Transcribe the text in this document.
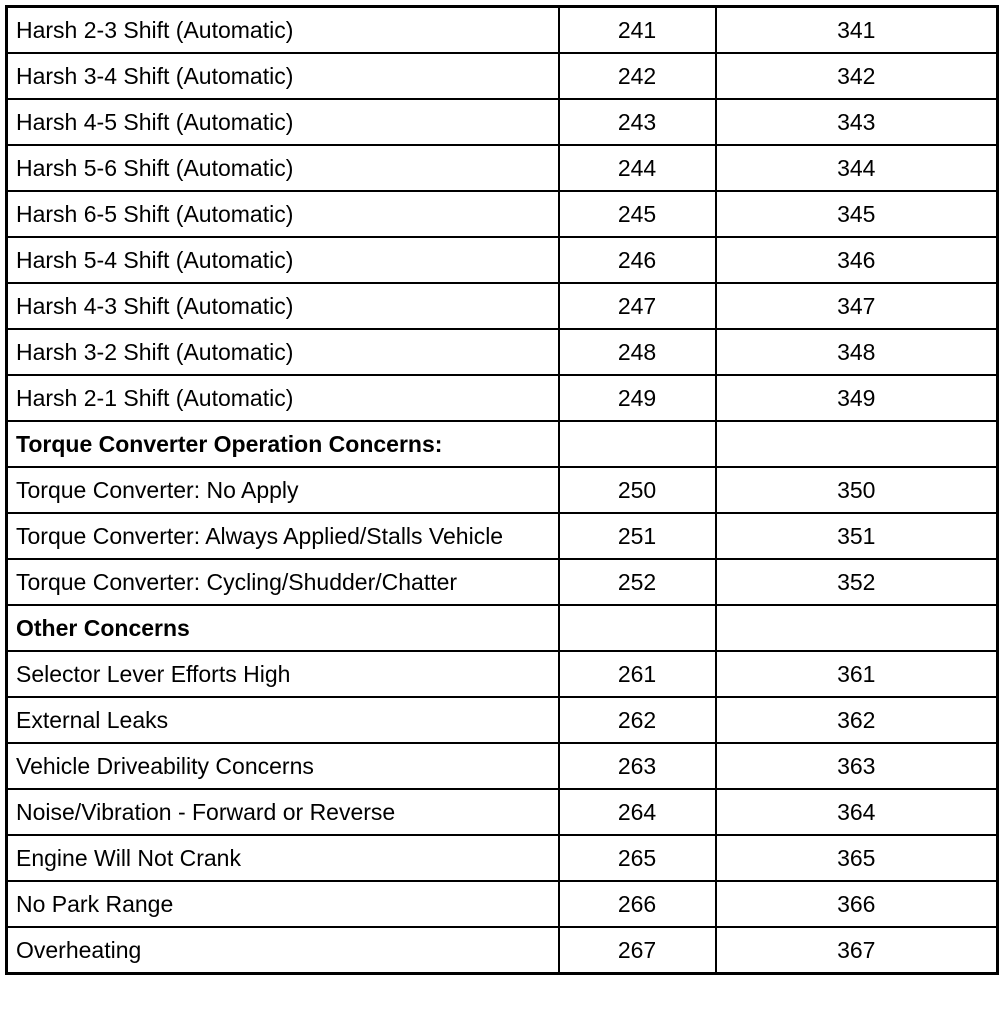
Harsh 2-3 Shift (Automatic)	241	341
Harsh 3-4 Shift (Automatic)	242	342
Harsh 4-5 Shift (Automatic)	243	343
Harsh 5-6 Shift (Automatic)	244	344
Harsh 6-5 Shift (Automatic)	245	345
Harsh 5-4 Shift (Automatic)	246	346
Harsh 4-3 Shift (Automatic)	247	347
Harsh 3-2 Shift (Automatic)	248	348
Harsh 2-1 Shift (Automatic)	249	349
Torque Converter Operation Concerns:		
Torque Converter: No Apply	250	350
Torque Converter: Always Applied/Stalls Vehicle	251	351
Torque Converter: Cycling/Shudder/Chatter	252	352
Other Concerns		
Selector Lever Efforts High	261	361
External Leaks	262	362
Vehicle Driveability Concerns	263	363
Noise/Vibration - Forward or Reverse	264	364
Engine Will Not Crank	265	365
No Park Range	266	366
Overheating	267	367
